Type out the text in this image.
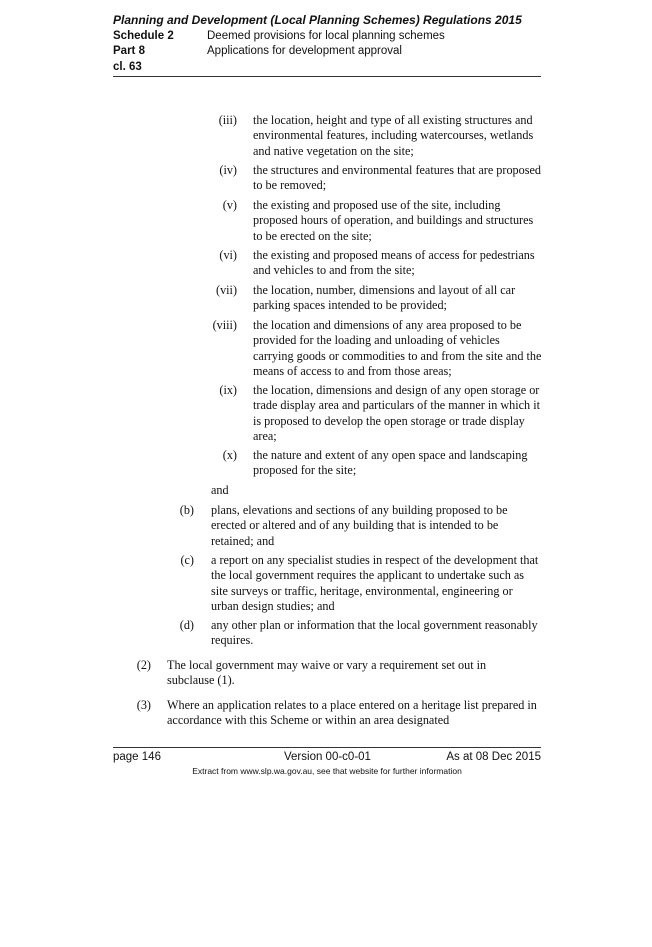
Planning and Development (Local Planning Schemes) Regulations 2015
Schedule 2	Deemed provisions for local planning schemes
Part 8	Applications for development approval
cl. 63
(iii) the location, height and type of all existing structures and environmental features, including watercourses, wetlands and native vegetation on the site;
(iv) the structures and environmental features that are proposed to be removed;
(v) the existing and proposed use of the site, including proposed hours of operation, and buildings and structures to be erected on the site;
(vi) the existing and proposed means of access for pedestrians and vehicles to and from the site;
(vii) the location, number, dimensions and layout of all car parking spaces intended to be provided;
(viii) the location and dimensions of any area proposed to be provided for the loading and unloading of vehicles carrying goods or commodities to and from the site and the means of access to and from those areas;
(ix) the location, dimensions and design of any open storage or trade display area and particulars of the manner in which it is proposed to develop the open storage or trade display area;
(x) the nature and extent of any open space and landscaping proposed for the site;
and
(b) plans, elevations and sections of any building proposed to be erected or altered and of any building that is intended to be retained; and
(c) a report on any specialist studies in respect of the development that the local government requires the applicant to undertake such as site surveys or traffic, heritage, environmental, engineering or urban design studies; and
(d) any other plan or information that the local government reasonably requires.
(2) The local government may waive or vary a requirement set out in subclause (1).
(3) Where an application relates to a place entered on a heritage list prepared in accordance with this Scheme or within an area designated
page 146	Version 00-c0-01	As at 08 Dec 2015
Extract from www.slp.wa.gov.au, see that website for further information
